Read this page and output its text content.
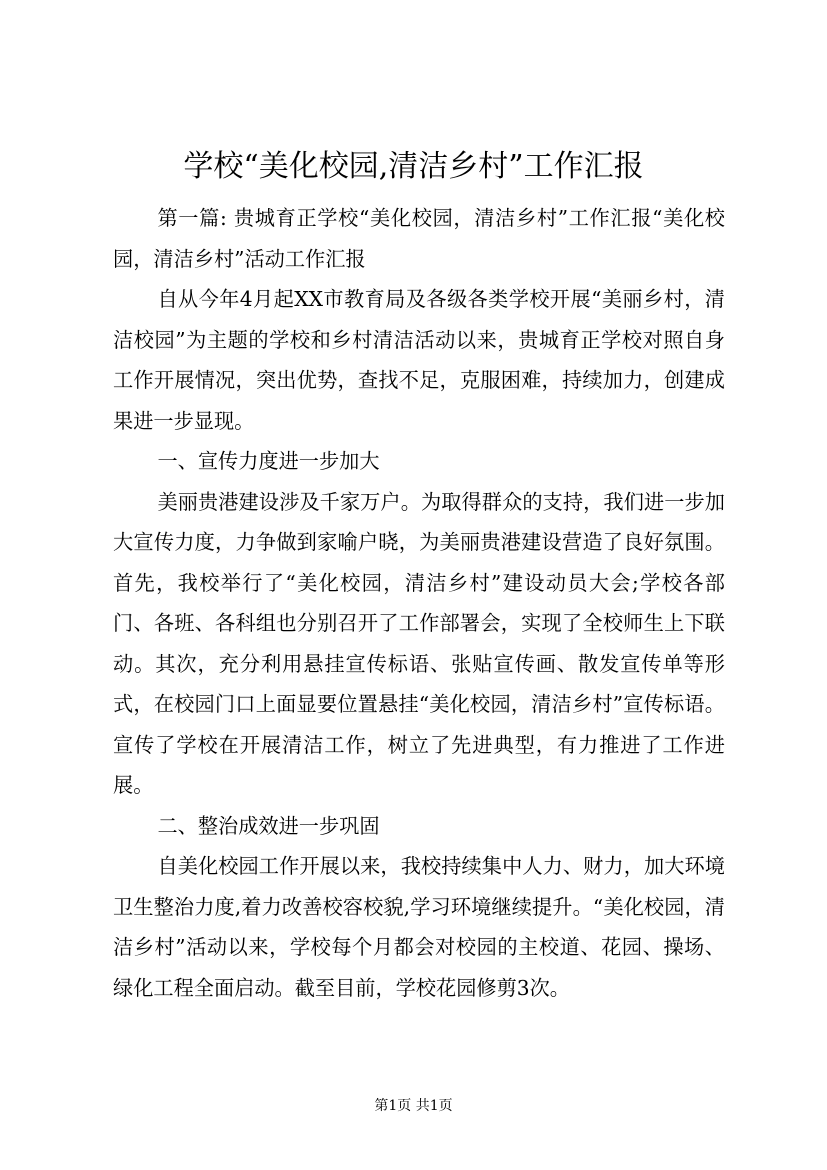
学校“美化校园,清洁乡村”工作汇报

第一篇: 贵城育正学校“美化校园，清洁乡村”工作汇报“美化校园，清洁乡村”活动工作汇报

自从今年4月起XX市教育局及各级各类学校开展“美丽乡村，清洁校园”为主题的学校和乡村清洁活动以来，贵城育正学校对照自身工作开展情况，突出优势，查找不足，克服困难，持续加力，创建成果进一步显现。

一、宣传力度进一步加大

美丽贵港建设涉及千家万户。为取得群众的支持，我们进一步加大宣传力度，力争做到家喻户晓，为美丽贵港建设营造了良好氛围。首先，我校举行了“美化校园，清洁乡村”建设动员大会;学校各部门、各班、各科组也分别召开了工作部署会，实现了全校师生上下联动。其次，充分利用悬挂宣传标语、张贴宣传画、散发宣传单等形式，在校园门口上面显要位置悬挂“美化校园，清洁乡村”宣传标语。宣传了学校在开展清洁工作，树立了先进典型，有力推进了工作进展。

二、整治成效进一步巩固

自美化校园工作开展以来，我校持续集中人力、财力，加大环境卫生整治力度,着力改善校容校貌,学习环境继续提升。“美化校园，清洁乡村”活动以来，学校每个月都会对校园的主校道、花园、操场、绿化工程全面启动。截至目前，学校花园修剪3次。

第1页 共1页
